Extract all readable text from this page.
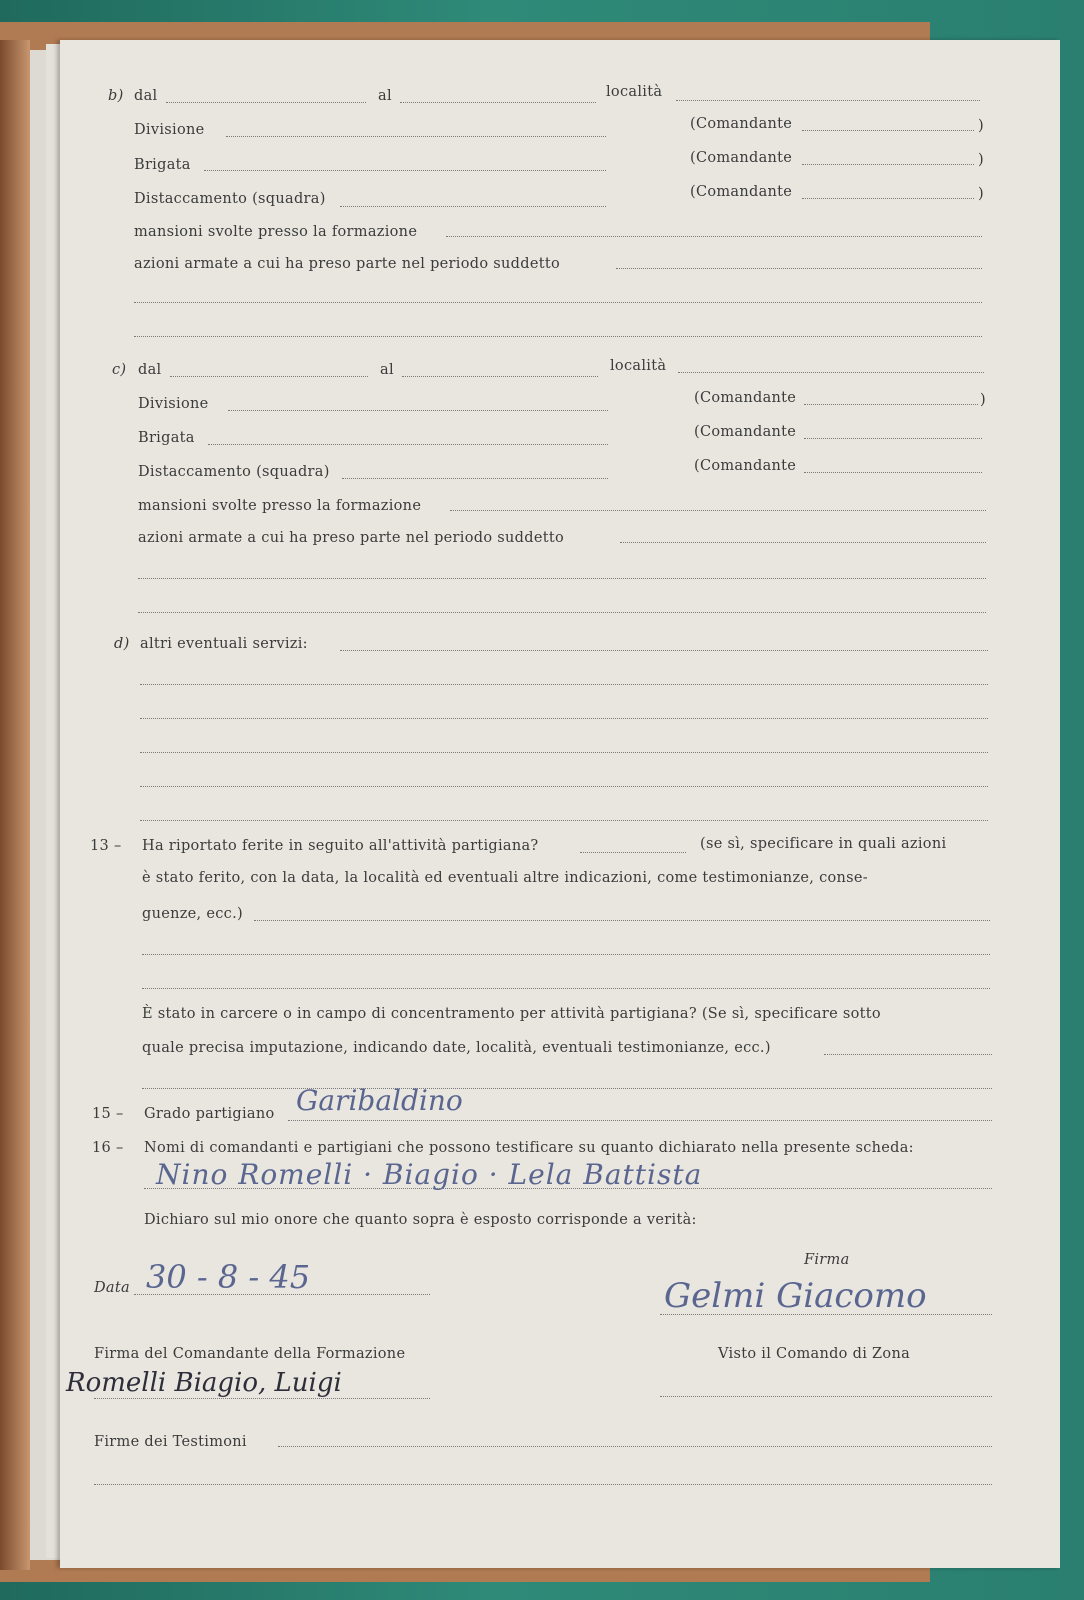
b) dal	al	località
Divisione	(Comandante	)
Brigata	(Comandante	)
Distaccamento (squadra)	(Comandante	)
mansioni svolte presso la formazione
azioni armate a cui ha preso parte nel periodo suddetto
c) dal	al	località
Divisione	(Comandante	)
Brigata	(Comandante
Distaccamento (squadra)	(Comandante
mansioni svolte presso la formazione
azioni armate a cui ha preso parte nel periodo suddetto
d) altri eventuali servizi:
13 – Ha riportato ferite in seguito all'attività partigiana?	(se sì, specificare in quali azioni
è stato ferito, con la data, la località ed eventuali altre indicazioni, come testimonianze, conse-
guenze, ecc.)
È stato in carcere o in campo di concentramento per attività partigiana? (Se sì, specificare sotto
quale precisa imputazione, indicando date, località, eventuali testimonianze, ecc.)
15 – Grado partigiano Garibaldino
16 – Nomi di comandanti e partigiani che possono testificare su quanto dichiarato nella presente scheda:
Nino Romelli · Biagio · Lela Battista
Dichiaro sul mio onore che quanto sopra è esposto corrisponde a verità:
Firma
Gelmi Giacomo
Data 30 - 8 - 45
Firma del Comandante della Formazione
Romelli Biagio, Luigi
Visto il Comando di Zona
Firme dei Testimoni
